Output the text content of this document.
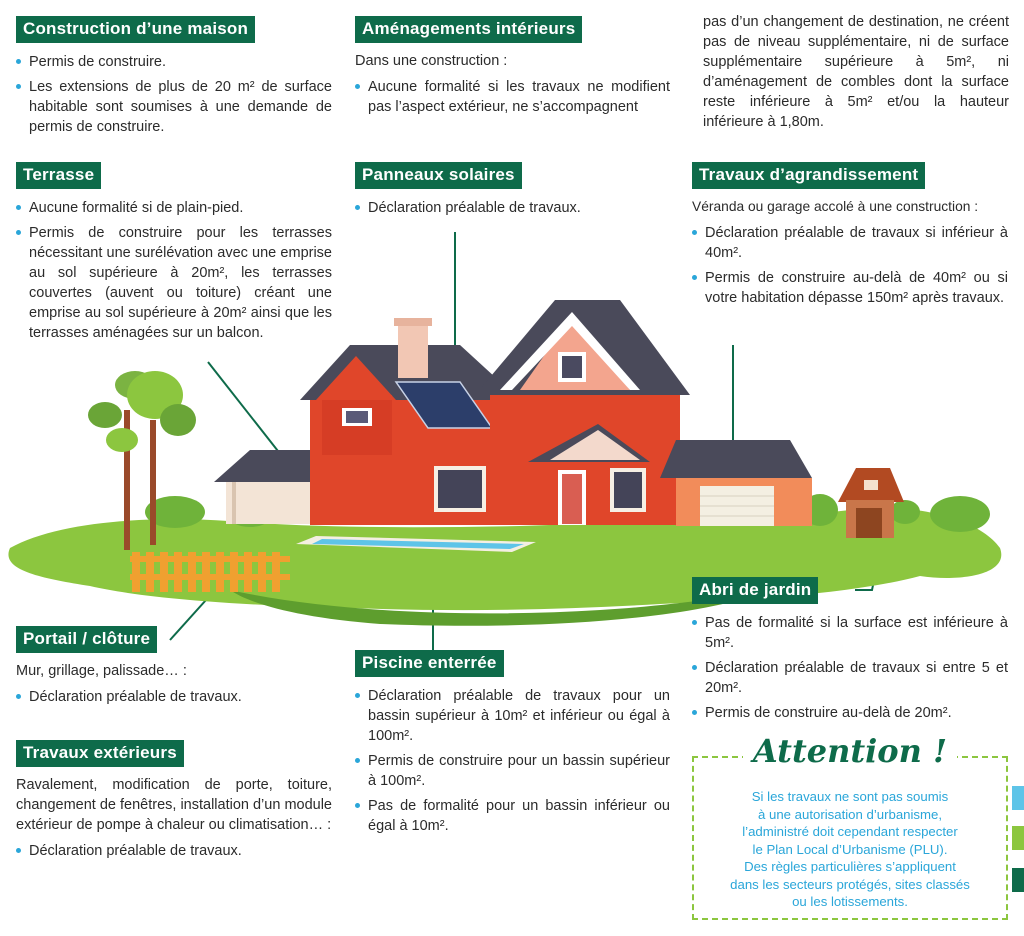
Construction d’une maison
Permis de construire.
Les extensions de plus de 20 m² de surface habitable sont soumises à une demande de permis de construire.
Aménagements intérieurs
Dans une construction :
Aucune formalité si les travaux ne modifient pas l’aspect extérieur, ne s’accompagnent
pas d’un changement de destination, ne créent pas de niveau supplémentaire, ni de surface supplémentaire supérieure à 5m², ni d’aménagement de combles dont la surface reste inférieure à 5m² et/ou la hauteur inférieure à 1,80m.
Terrasse
Aucune formalité si de plain-pied.
Permis de construire pour les terrasses nécessitant une surélévation avec une emprise au sol supérieure à 20m², les terrasses couvertes (auvent ou toiture) créant une emprise au sol supérieure à 20m² ainsi que les terrasses aménagées sur un balcon.
Panneaux solaires
Déclaration préalable de travaux.
Travaux d’agrandissement
Véranda ou garage accolé à une construction :
Déclaration préalable de travaux si inférieur à 40m².
Permis de construire au-delà de 40m² ou si votre habitation dépasse 150m² après travaux.
Portail / clôture
Mur, grillage, palissade… :
Déclaration préalable de travaux.
Piscine enterrée
Déclaration préalable de travaux pour un bassin supérieur à 10m² et inférieur ou égal à 100m².
Permis de construire pour un bassin supérieur à 100m².
Pas de formalité pour un bassin inférieur ou égal à 10m².
Abri de jardin
Pas de formalité si la surface est inférieure à 5m².
Déclaration préalable de travaux si entre 5 et 20m².
Permis de construire au-delà de 20m².
Travaux extérieurs
Ravalement, modification de porte, toiture, changement de fenêtres, installation d’un module extérieur de pompe à chaleur ou climatisation… :
Déclaration préalable de travaux.
Attention !
Si les travaux ne sont pas soumis
à une autorisation d’urbanisme,
l’administré doit cependant respecter
le Plan Local d’Urbanisme (PLU).
Des règles particulières s’appliquent
dans les secteurs protégés, sites classés
ou les lotissements.
